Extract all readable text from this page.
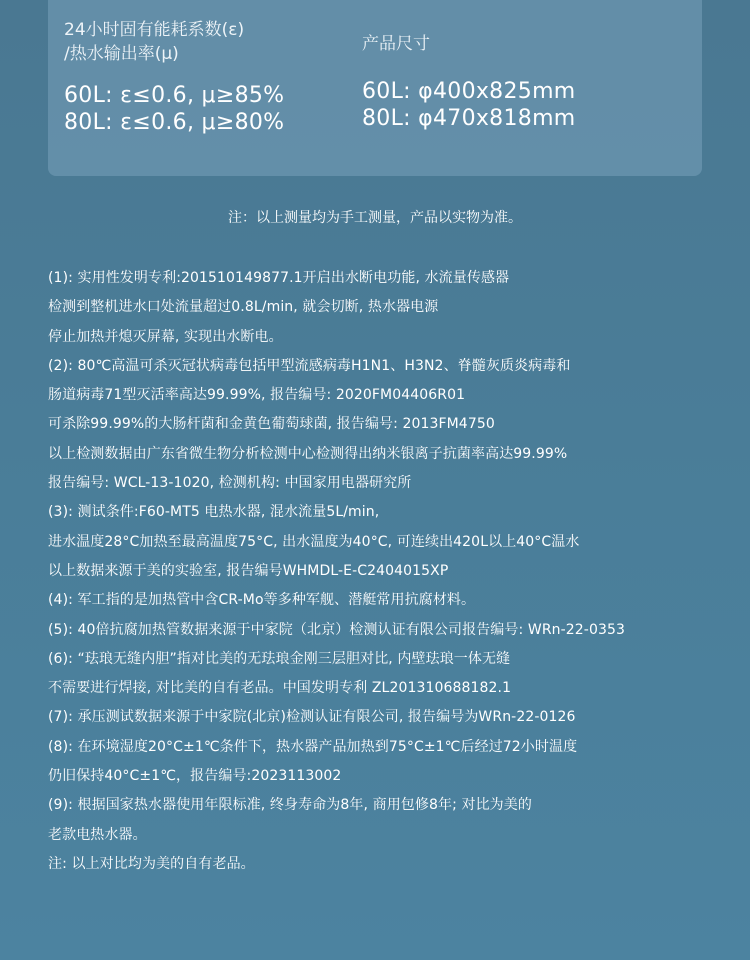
24小时固有能耗系数(ε)
/热水输出率(μ)
60L: ε≤0.6, μ≥85%
80L: ε≤0.6, μ≥80%
产品尺寸
60L: φ400x825mm
80L: φ470x818mm
注：以上测量均为手工测量，产品以实物为准。
(1): 实用性发明专利:201510149877.1开启出水断电功能, 水流量传感器
检测到整机进水口处流量超过0.8L/min, 就会切断, 热水器电源
停止加热并熄灭屏幕, 实现出水断电。
(2): 80℃高温可杀灭冠状病毒包括甲型流感病毒H1N1、H3N2、脊髓灰质炎病毒和
肠道病毒71型灭活率高达99.99%, 报告编号: 2020FM04406R01
可杀除99.99%的大肠杆菌和金黄色葡萄球菌, 报告编号: 2013FM4750
以上检测数据由广东省微生物分析检测中心检测得出纳米银离子抗菌率高达99.99%
报告编号: WCL-13-1020, 检测机构: 中国家用电器研究所
(3): 测试条件:F60-MT5 电热水器, 混水流量5L/min,
进水温度28°C加热至最高温度75°C, 出水温度为40°C, 可连续出420L以上40°C温水
以上数据来源于美的实验室, 报告编号WHMDL-E-C2404015XP
(4): 军工指的是加热管中含CR-Mo等多种军舰、潜艇常用抗腐材料。
(5): 40倍抗腐加热管数据来源于中家院（北京）检测认证有限公司报告编号: WRn-22-0353
(6): “珐琅无缝内胆”指对比美的无珐琅金刚三层胆对比, 内壁珐琅一体无缝
不需要进行焊接, 对比美的自有老品。中国发明专利 ZL201310688182.1
(7): 承压测试数据来源于中家院(北京)检测认证有限公司, 报告编号为WRn-22-0126
(8): 在环境湿度20°C±1℃条件下，热水器产品加热到75°C±1℃后经过72小时温度
仍旧保持40°C±1℃，报告编号:2023113002
(9): 根据国家热水器使用年限标准, 终身寿命为8年, 商用包修8年; 对比为美的
老款电热水器。
注: 以上对比均为美的自有老品。
